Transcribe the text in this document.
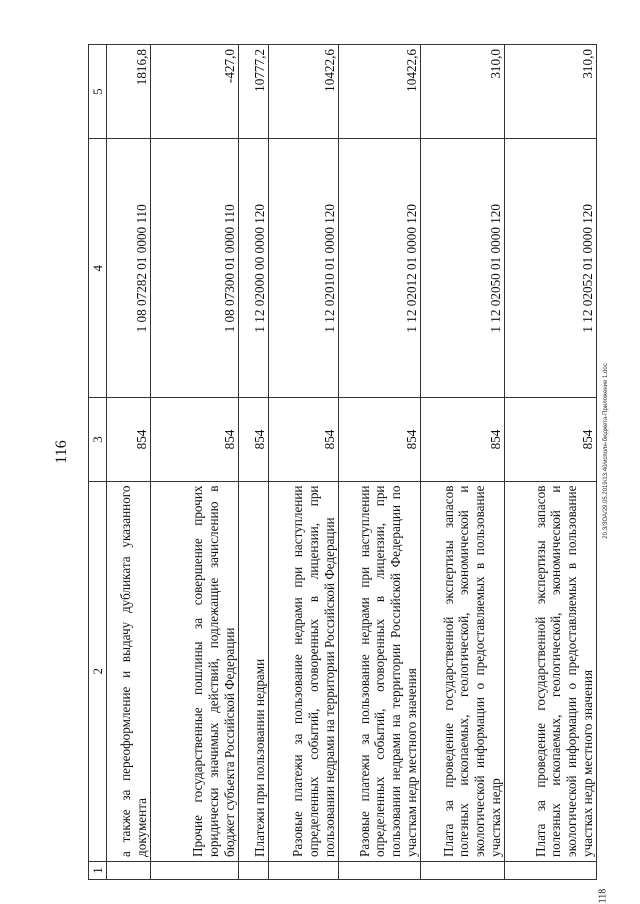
116
1	2	3	4	5
	а также за переоформление и выдачу дубликата указанного документа	854	1 08 07282 01 0000 110	1816,8
	Прочие государственные пошлины за совершение прочих юридически значимых действий, подлежащие зачислению в бюджет субъекта Российской Федерации	854	1 08 07300 01 0000 110	-427,0
	Платежи при пользовании недрами	854	1 12 02000 00 0000 120	10777,2
	Разовые платежи за пользование недрами при наступлении определенных событий, оговоренных в лицензии, при пользовании недрами на территории Российской Федерации	854	1 12 02010 01 0000 120	10422,6
	Разовые платежи за пользование недрами при наступлении определенных событий, оговоренных в лицензии, при пользовании недрами на территории Российской Федерации по участкам недр местного значения	854	1 12 02012 01 0000 120	10422,6
	Плата за проведение государственной экспертизы запасов полезных ископаемых, геологической, экономической и экологической информации о предоставляемых в пользование участках недр	854	1 12 02050 01 0000 120	310,0
	Плата за проведение государственной экспертизы запасов полезных ископаемых, геологической, экономической и экологической информации о предоставляемых в пользование участках недр местного значения	854	1 12 02052 01 0000 120	310,0
20.З/ЗОА/29.05.2019/13.40/исполн-бюджета-Приложение 1.doc
118
